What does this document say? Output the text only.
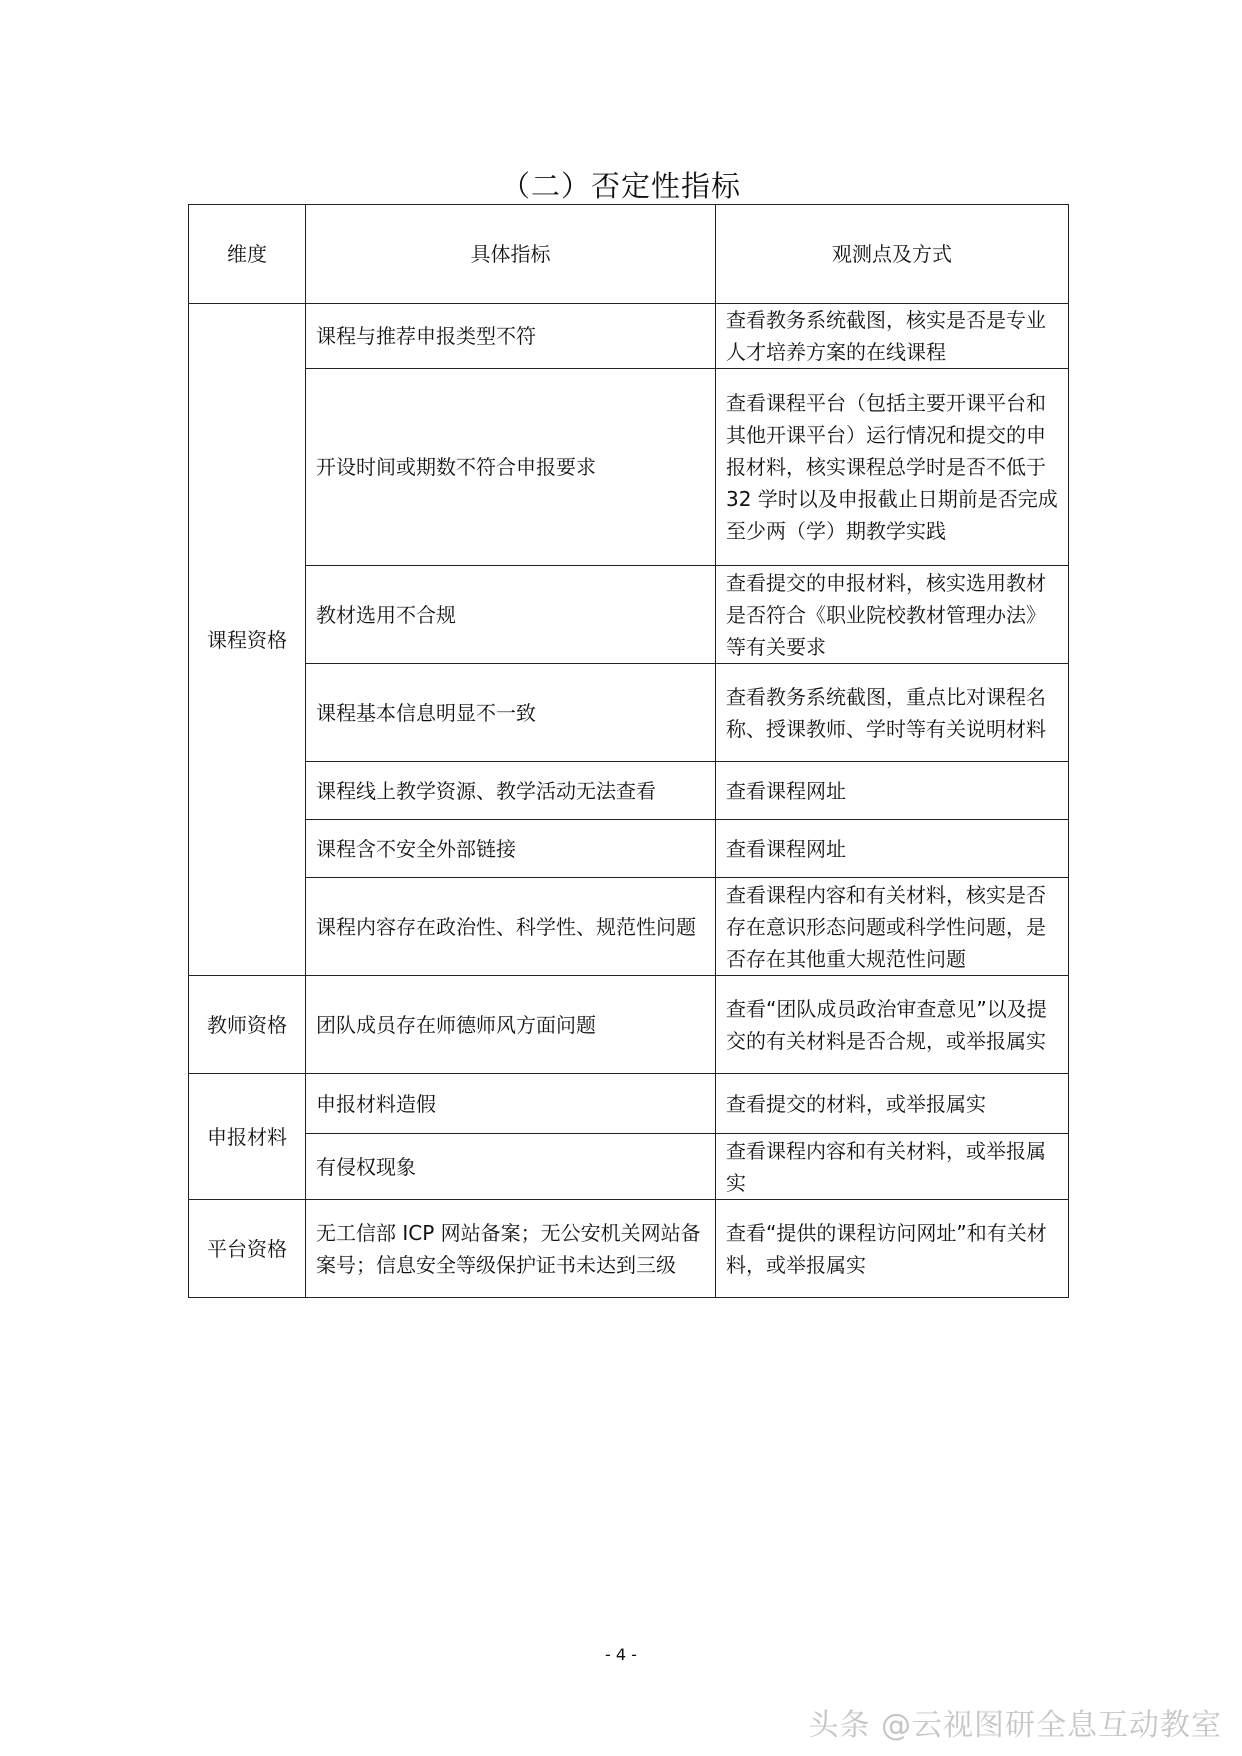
（二）否定性指标
维度	具体指标	观测点及方式
课程资格	课程与推荐申报类型不符	查看教务系统截图，核实是否是专业人才培养方案的在线课程
	开设时间或期数不符合申报要求	查看课程平台（包括主要开课平台和其他开课平台）运行情况和提交的申报材料，核实课程总学时是否不低于 32 学时以及申报截止日期前是否完成至少两（学）期教学实践
	教材选用不合规	查看提交的申报材料，核实选用教材是否符合《职业院校教材管理办法》等有关要求
	课程基本信息明显不一致	查看教务系统截图，重点比对课程名称、授课教师、学时等有关说明材料
	课程线上教学资源、教学活动无法查看	查看课程网址
	课程含不安全外部链接	查看课程网址
	课程内容存在政治性、科学性、规范性问题	查看课程内容和有关材料，核实是否存在意识形态问题或科学性问题，是否存在其他重大规范性问题
教师资格	团队成员存在师德师风方面问题	查看“团队成员政治审查意见”以及提交的有关材料是否合规，或举报属实
申报材料	申报材料造假	查看提交的材料，或举报属实
	有侵权现象	查看课程内容和有关材料，或举报属实
平台资格	无工信部 ICP 网站备案；无公安机关网站备案号；信息安全等级保护证书未达到三级	查看“提供的课程访问网址”和有关材料，或举报属实
- 4 -
头条 @云视图研全息互动教室
